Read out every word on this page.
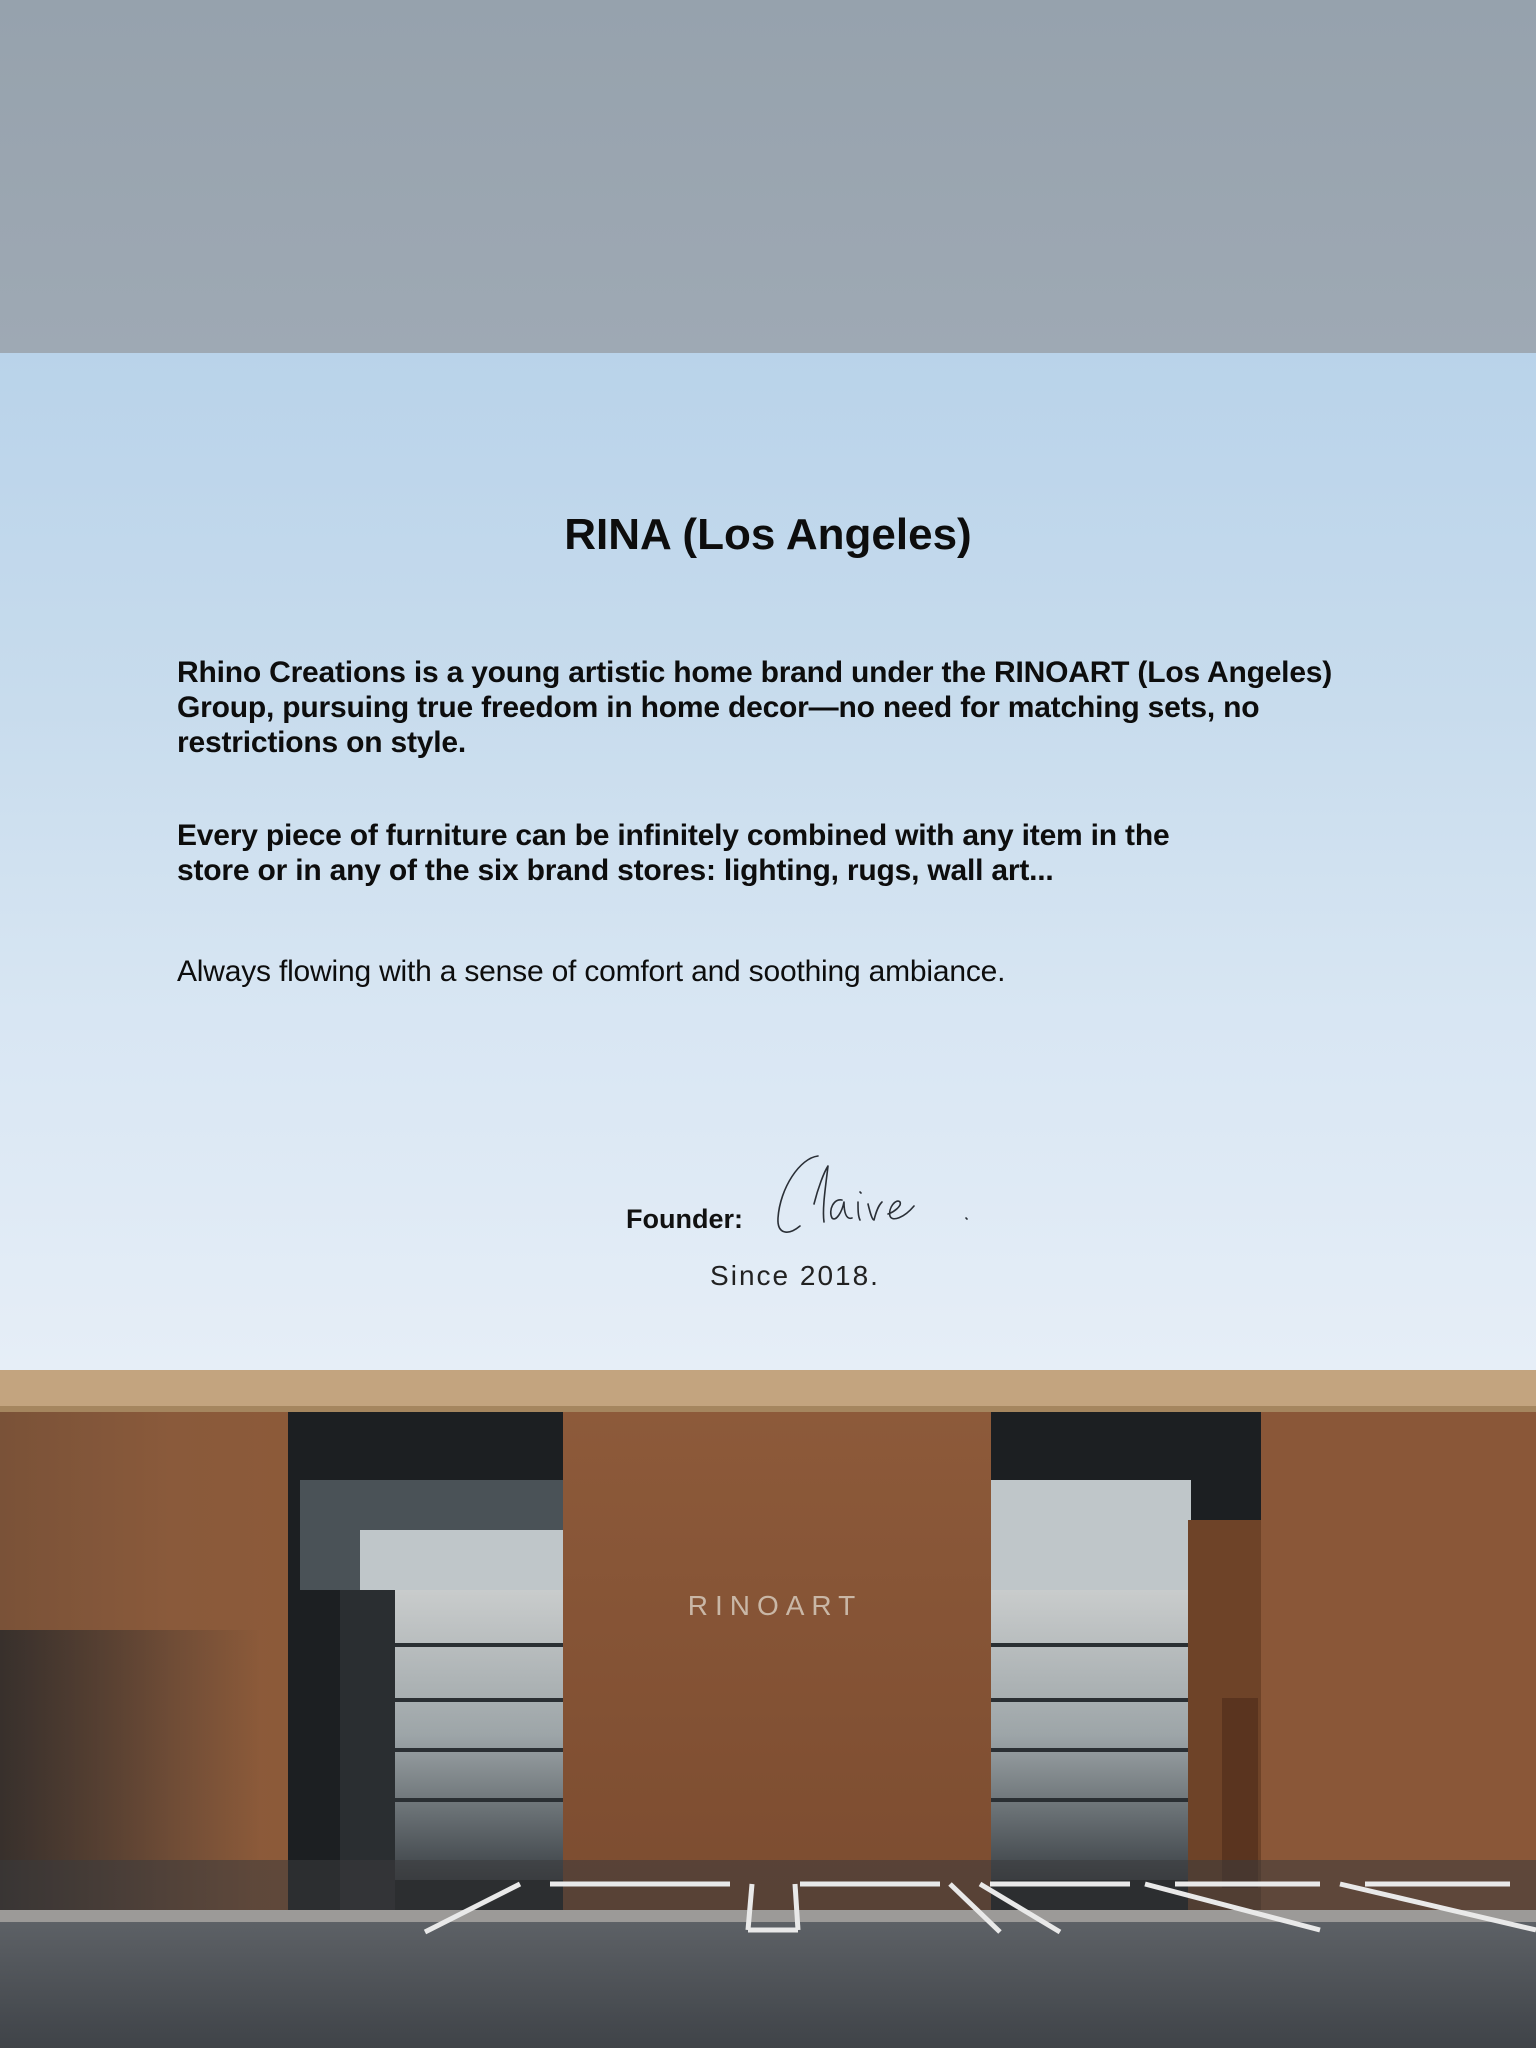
RINA (Los Angeles)

Rhino Creations is a young artistic home brand under the RINOART (Los Angeles) Group, pursuing true freedom in home decor—no need for matching sets, no restrictions on style.

Every piece of furniture can be infinitely combined with any item in the store or in any of the six brand stores: lighting, rugs, wall art...

Always flowing with a sense of comfort and soothing ambiance.

Founder:
Since 2018.
RINOART
